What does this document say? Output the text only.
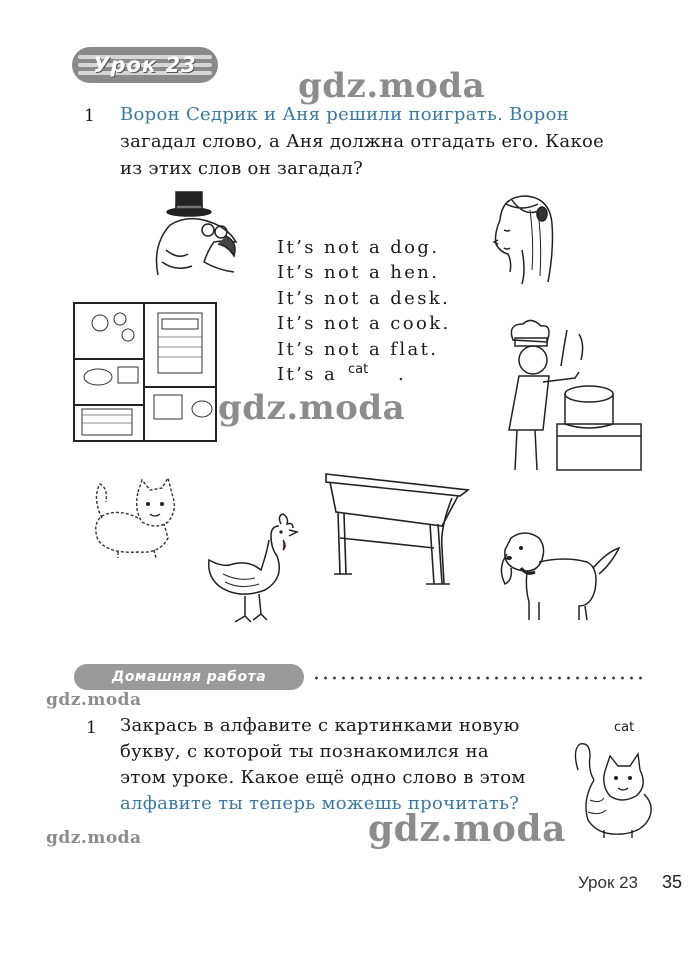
Урок 23
gdz.moda
gdz.moda
gdz.moda
gdz.moda	gdz.moda
1 Ворон Седрик и Аня решили поиграть. Ворон
загадал слово, а Аня должна отгадать его. Какое
из этих слов он загадал?
It’s not a dog.
It’s not a hen.
It’s not a desk.
It’s not a cook.
It’s not a flat.
It’s a cat .
Домашняя работа
1 Закрась в алфавите с картинками новую
букву, с которой ты познакомился на
этом уроке. Какое ещё одно слово в этом
алфавите ты теперь можешь прочитать?
cat
Урок 23 35
